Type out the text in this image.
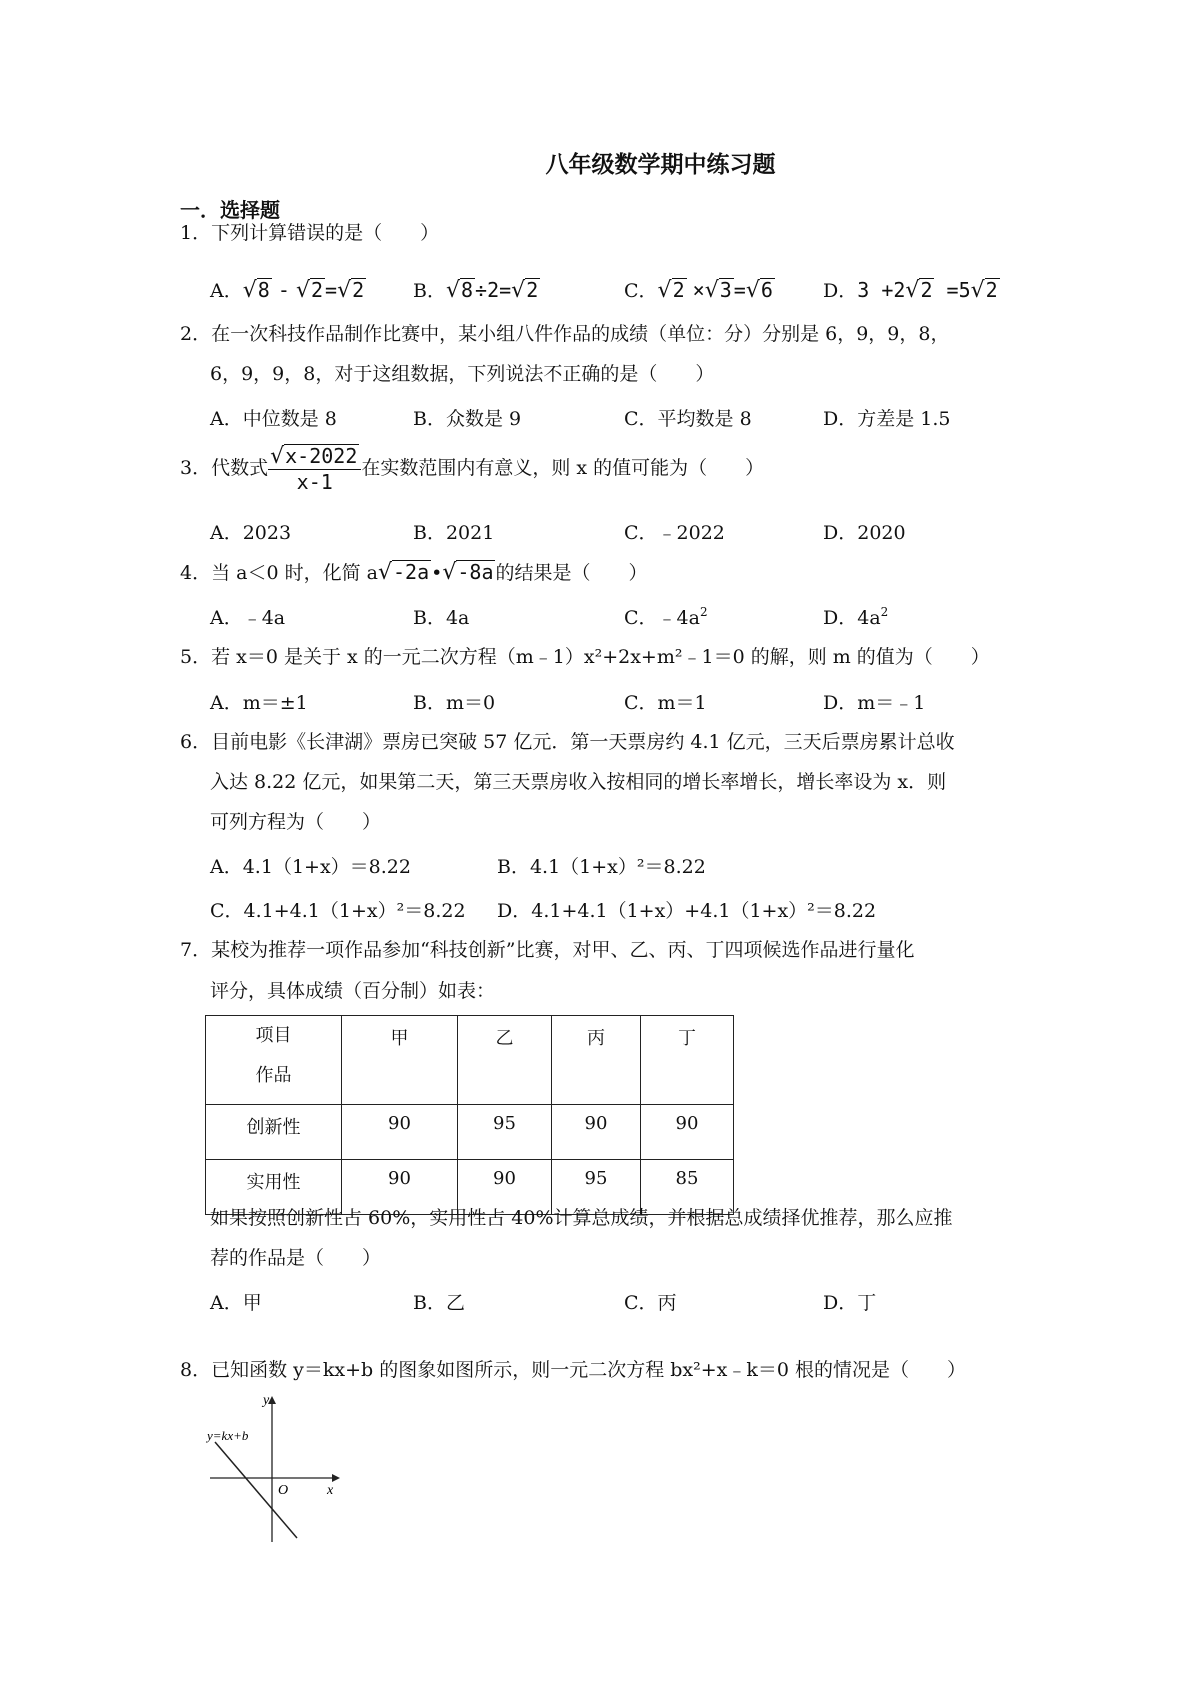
八年级数学期中练习题
一．选择题
1．下列计算错误的是（　　）
A．√8 - √2 =√2	B．√8 ÷2=√2	C．√2 ×√3 =√6	D．3 +2√2 =5√2
2．在一次科技作品制作比赛中，某小组八件作品的成绩（单位：分）分别是 6，9，9，8，
6，9，9，8，对于这组数据，下列说法不正确的是（　　）
A．中位数是 8	B．众数是 9	C．平均数是 8	D．方差是 1.5
3．代数式 $\frac{√x-2022}{x-1}$ 在实数范围内有意义，则 x 的值可能为（　　）
A．2023	B．2021	C．﹣2022	D．2020
4．当 a＜0 时，化简 a√-2a •√-8a 的结果是（　　）
A．﹣4a	B．4a	C．$﹣4a^2$	D．$4a^2$
5．若 x＝0 是关于 x 的一元二次方程（m﹣1）x²+2x+m²﹣1＝0 的解，则 m 的值为（　　）
A．m＝±1	B．m＝0	C．m＝1	D．m＝﹣1
6．目前电影《长津湖》票房已突破 57 亿元．第一天票房约 4.1 亿元，三天后票房累计总收
入达 8.22 亿元，如果第二天，第三天票房收入按相同的增长率增长，增长率设为 x．则
可列方程为（　　）
A．4.1（1+x）＝8.22	B．4.1（1+x）²＝8.22
C．4.1+4.1（1+x）²＝8.22 D．4.1+4.1（1+x）+4.1（1+x）²＝8.22
7．某校为推荐一项作品参加“科技创新”比赛，对甲、乙、丙、丁四项候选作品进行量化
评分，具体成绩（百分制）如表：
项目
作品	甲	乙	丙	丁
创新性	90	95	90	90
实用性	90	90	95	85
如果按照创新性占 60%，实用性占 40%计算总成绩，并根据总成绩择优推荐，那么应推
荐的作品是（　　）
A．甲	B．乙	C．丙	D．丁
8．已知函数 y＝kx+b 的图象如图所示，则一元二次方程 bx²+x﹣k＝0 根的情况是（　　）
y
x
O
y=kx+b
